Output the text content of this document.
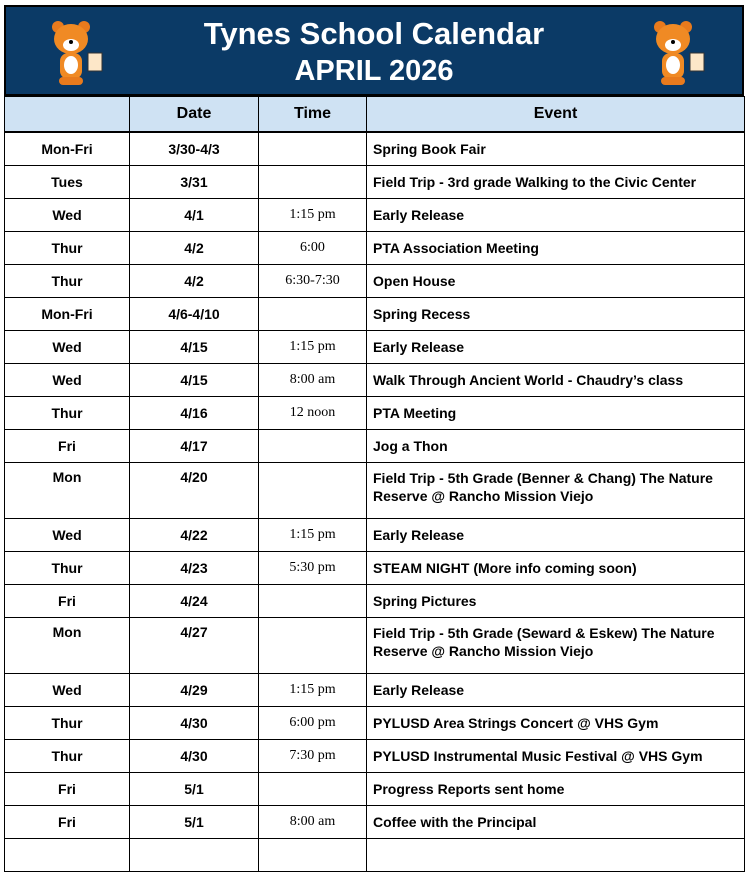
Tynes School Calendar
APRIL 2026
	Date	Time	Event
Mon-Fri	3/30-4/3		Spring Book Fair
Tues	3/31		Field Trip - 3rd grade Walking to the Civic Center
Wed	4/1	1:15 pm	Early Release
Thur	4/2	6:00	PTA Association Meeting
Thur	4/2	6:30-7:30	Open House
Mon-Fri	4/6-4/10		Spring Recess
Wed	4/15	1:15 pm	Early Release
Wed	4/15	8:00 am	Walk Through Ancient World - Chaudry’s class
Thur	4/16	12 noon	PTA Meeting
Fri	4/17		Jog a Thon
Mon	4/20		Field Trip - 5th Grade (Benner & Chang) The Nature Reserve @ Rancho Mission Viejo
Wed	4/22	1:15 pm	Early Release
Thur	4/23	5:30 pm	STEAM NIGHT (More info coming soon)
Fri	4/24		Spring Pictures
Mon	4/27		Field Trip - 5th Grade (Seward & Eskew) The Nature Reserve @ Rancho Mission Viejo
Wed	4/29	1:15 pm	Early Release
Thur	4/30	6:00 pm	PYLUSD Area Strings Concert @ VHS Gym
Thur	4/30	7:30 pm	PYLUSD Instrumental Music Festival @ VHS Gym
Fri	5/1		Progress Reports sent home
Fri	5/1	8:00 am	Coffee with the Principal
